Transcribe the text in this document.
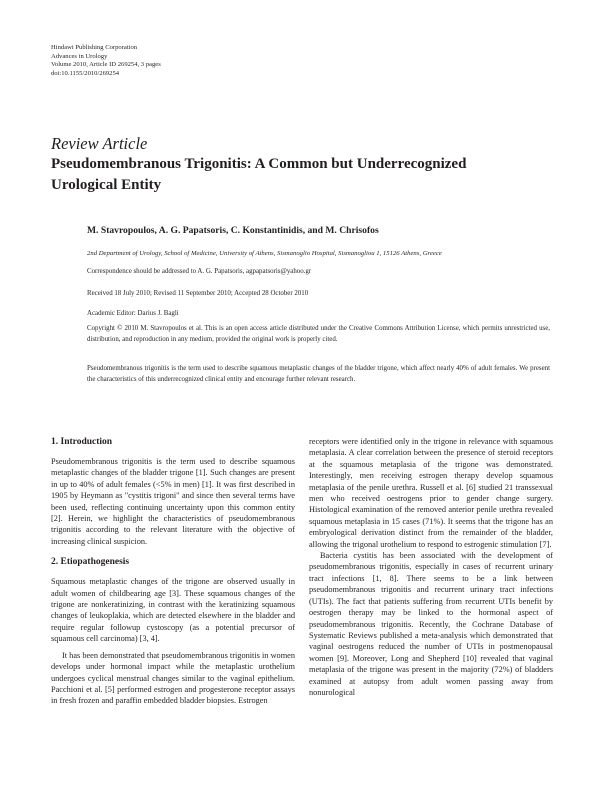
Hindawi Publishing Corporation
Advances in Urology
Volume 2010, Article ID 269254, 3 pages
doi:10.1155/2010/269254
Review Article
Pseudomembranous Trigonitis: A Common but Underrecognized
Urological Entity
M. Stavropoulos, A. G. Papatsoris, C. Konstantinidis, and M. Chrisofos
2nd Department of Urology, School of Medicine, University of Athens, Sismanoglio Hospital, Sismanogliou 1, 15126 Athens, Greece
Correspondence should be addressed to A. G. Papatsoris, agpapatsoris@yahoo.gr
Received 18 July 2010; Revised 11 September 2010; Accepted 28 October 2010
Academic Editor: Darius J. Bagli
Copyright © 2010 M. Stavropoulos et al. This is an open access article distributed under the Creative Commons Attribution License, which permits unrestricted use, distribution, and reproduction in any medium, provided the original work is properly cited.
Pseudomembranous trigonitis is the term used to describe squamous metaplastic changes of the bladder trigone, which affect nearly 40% of adult females. We present the characteristics of this underrecognized clinical entity and encourage further relevant research.
1. Introduction

Pseudomembranous trigonitis is the term used to describe squamous metaplastic changes of the bladder trigone [1]. Such changes are present in up to 40% of adult females (<5% in men) [1]. It was first described in 1905 by Heymann as "cystitis trigoni" and since then several terms have been used, reflecting continuing uncertainty upon this common entity [2]. Herein, we highlight the characteristics of pseudomembranous trigonitis according to the relevant literature with the objective of increasing clinical suspicion.

2. Etiopathogenesis

Squamous metaplastic changes of the trigone are observed usually in adult women of childbearing age [3]. These squamous changes of the trigone are nonkeratinizing, in contrast with the keratinizing squamous changes of leukoplakia, which are detected elsewhere in the bladder and require regular followup cystoscopy (as a potential precursor of squamous cell carcinoma) [3, 4].

It has been demonstrated that pseudomembranous trigonitis in women develops under hormonal impact while the metaplastic urothelium undergoes cyclical menstrual changes similar to the vaginal epithelium. Pacchioni et al. [5] performed estrogen and progesterone receptor assays in fresh frozen and paraffin embedded bladder biopsies. Estrogen

receptors were identified only in the trigone in relevance with squamous metaplasia. A clear correlation between the presence of steroid receptors at the squamous metaplasia of the trigone was demonstrated. Interestingly, men receiving estrogen therapy develop squamous metaplasia of the penile urethra. Russell et al. [6] studied 21 transsexual men who received oestrogens prior to gender change surgery. Histological examination of the removed anterior penile urethra revealed squamous metaplasia in 15 cases (71%). It seems that the trigone has an embryological derivation distinct from the remainder of the bladder, allowing the trigonal urothelium to respond to estrogenic stimulation [7].

Bacteria cystitis has been associated with the development of pseudomembranous trigonitis, especially in cases of recurrent urinary tract infections [1, 8]. There seems to be a link between pseudomembranous trigonitis and recurrent urinary tract infections (UTIs). The fact that patients suffering from recurrent UTIs benefit by oestrogen therapy may be linked to the hormonal aspect of pseudomembranous trigonitis. Recently, the Cochrane Database of Systematic Reviews published a meta-analysis which demonstrated that vaginal oestrogens reduced the number of UTIs in postmenopausal women [9]. Moreover, Long and Shepherd [10] revealed that vaginal metaplasia of the trigone was present in the majority (72%) of bladders examined at autopsy from adult women passing away from nonurological
